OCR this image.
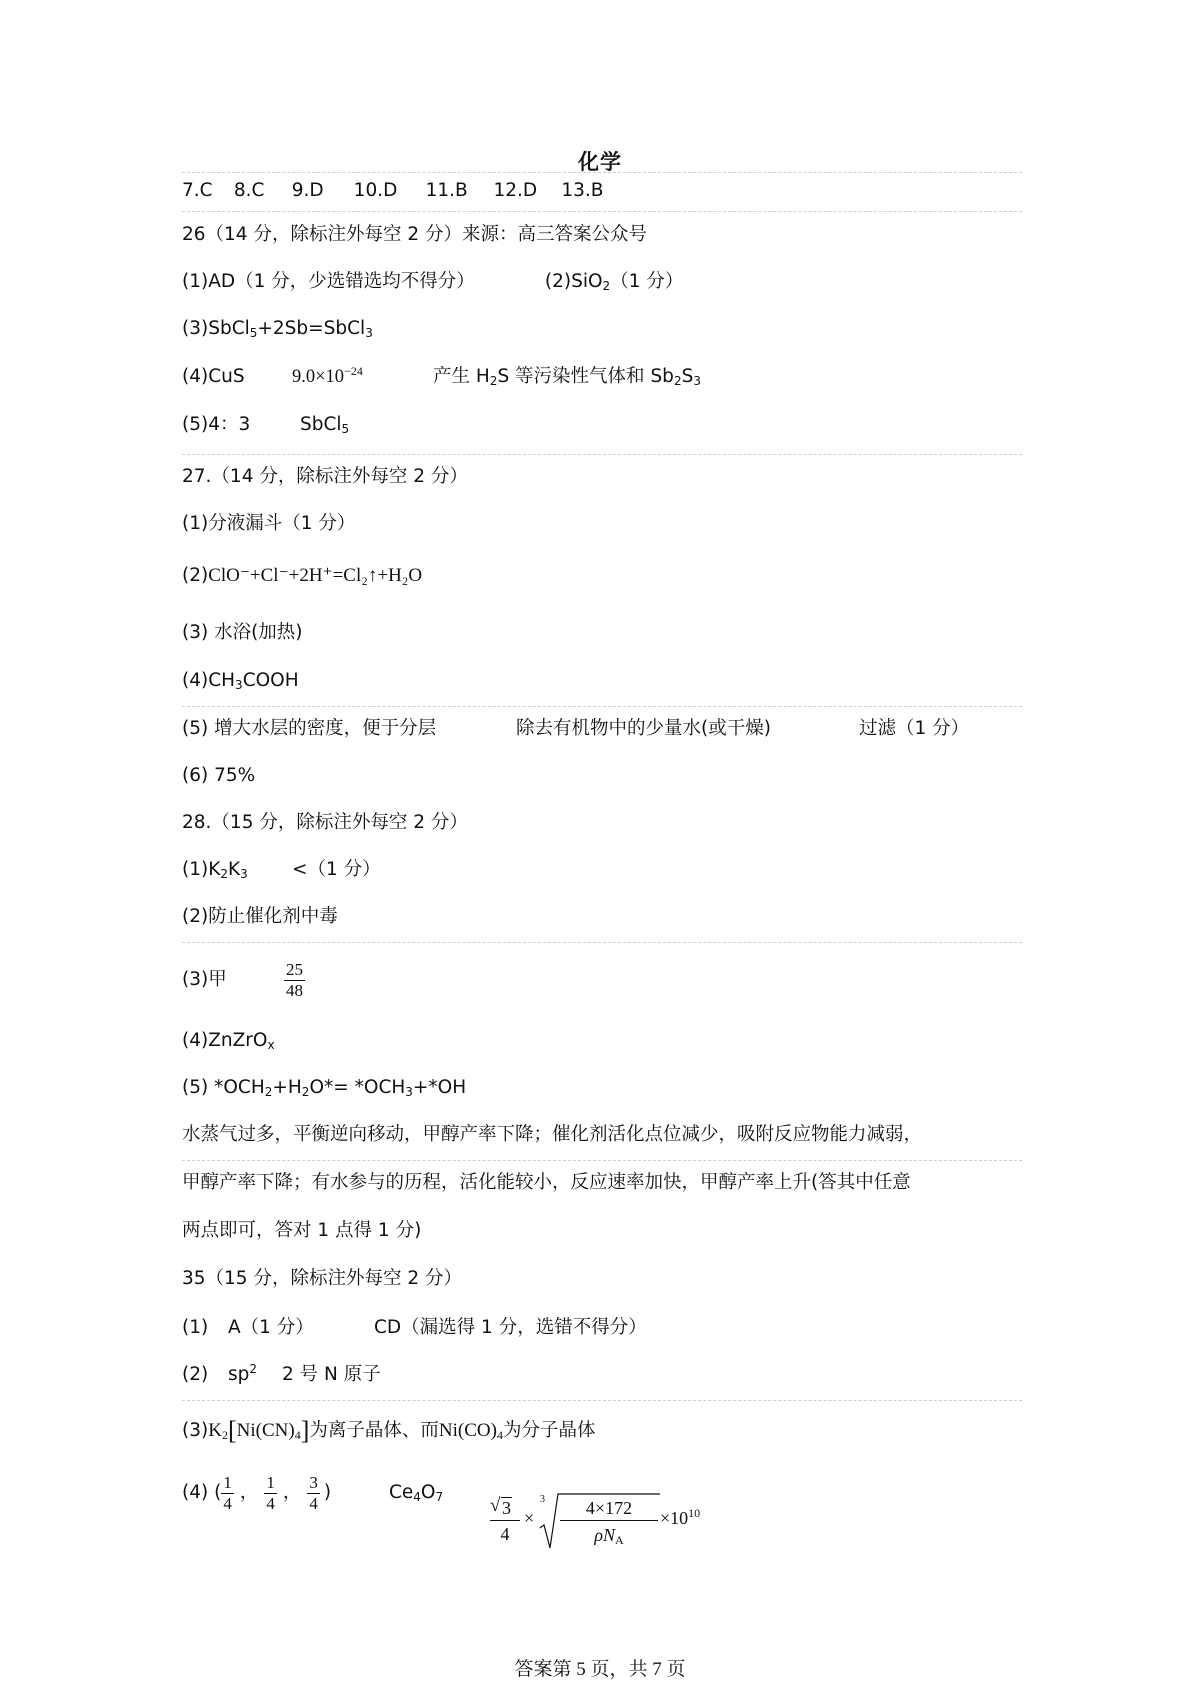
化学
7.C 8.C 9.D 10.D 11.B 12.D 13.B
26（14 分，除标注外每空 2 分）来源：高三答案公众号
(1)AD（1 分，少选错选均不得分）	(2)SiO$_2$（1 分）
(3)SbCl$_5$+2Sb=SbCl$_3$
(4)CuS	$9.0\times 10^{-24}$	产生 $H_2S$ 等污染性气体和 $Sb_2S_3$
(5)4：3	SbCl$_5$
27.（14 分，除标注外每空 2 分）
(1)分液漏斗（1 分）
(2)ClO⁻+Cl⁻+2H⁺=Cl₂↑+H₂O
(3) 水浴(加热)
$(4)CH_3COOH$
(5) 增大水层的密度，便于分层	除去有机物中的少量水(或干燥)	过滤（1 分）
(6) 75%
28.（15 分，除标注外每空 2 分）
$(1)K_2K_3 <(1$ 分）
(2)防止催化剂中毒
(3)甲	$\frac{25}{48}$
(4)ZnZrO$_x$
(5) $*OCH_2+H_2O*= *OCH_3+*OH$
水蒸气过多，平衡逆向移动，甲醇产率下降；催化剂活化点位减少，吸附反应物能力减弱，
甲醇产率下降；有水参与的历程，活化能较小，反应速率加快，甲醇产率上升(答其中任意
两点即可，答对 1 点得 1 分)
35（15 分，除标注外每空 2 分）
(1) A（1 分）	CD（漏选得 1 分，选错不得分）
(2) $sp^2$ 2 号 N 原子
$(3)K_2[Ni(CN)_4]$为离子晶体、而$Ni(CO)_4$为分子晶体
(4) ( $\frac{1}{4}$ ， $\frac{1}{4}$ ， $\frac{3}{4}$ )	$Ce_4O_7$ √ 3
4
×
3	4×172
$\rho N_A$
$\times 10^{10}$
答案第 5 页，共 7 页
